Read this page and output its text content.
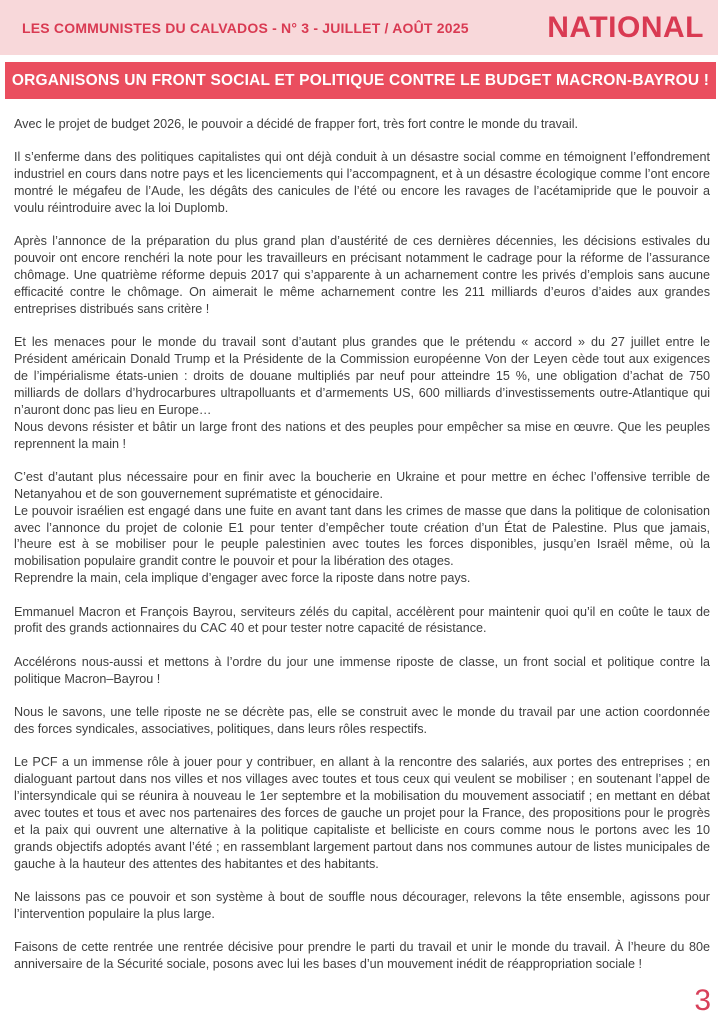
LES COMMUNISTES DU CALVADOS - N° 3 - JUILLET / AOÛT 2025	NATIONAL
ORGANISONS UN FRONT SOCIAL ET POLITIQUE CONTRE LE BUDGET MACRON-BAYROU !

Avec le projet de budget 2026, le pouvoir a décidé de frapper fort, très fort contre le monde du travail.

Il s’enferme dans des politiques capitalistes qui ont déjà conduit à un désastre social comme en témoignent l’effondrement industriel en cours dans notre pays et les licenciements qui l’accompagnent, et à un désastre écologique comme l’ont encore montré le mégafeu de l’Aude, les dégâts des canicules de l’été ou encore les ravages de l’acétamipride que le pouvoir a voulu réintroduire avec la loi Duplomb.

Après l’annonce de la préparation du plus grand plan d’austérité de ces dernières décennies, les décisions estivales du pouvoir ont encore renchéri la note pour les travailleurs en précisant notamment le cadrage pour la réforme de l’assurance chômage. Une quatrième réforme depuis 2017 qui s’apparente à un acharnement contre les privés d’emplois sans aucune efficacité contre le chômage. On aimerait le même acharnement contre les 211 milliards d’euros d’aides aux grandes entreprises distribués sans critère !

Et les menaces pour le monde du travail sont d’autant plus grandes que le prétendu « accord » du 27 juillet entre le Président américain Donald Trump et la Présidente de la Commission européenne Von der Leyen cède tout aux exigences de l’impérialisme états-unien : droits de douane multipliés par neuf pour atteindre 15 %, une obligation d’achat de 750 milliards de dollars d’hydrocarbures ultrapolluants et d’armements US, 600 milliards d’investissements outre-Atlantique qui n’auront donc pas lieu en Europe…
Nous devons résister et bâtir un large front des nations et des peuples pour empêcher sa mise en œuvre. Que les peuples reprennent la main !

C’est d’autant plus nécessaire pour en finir avec la boucherie en Ukraine et pour mettre en échec l’offensive terrible de Netanyahou et de son gouvernement suprématiste et génocidaire.
Le pouvoir israélien est engagé dans une fuite en avant tant dans les crimes de masse que dans la politique de colonisation avec l’annonce du projet de colonie E1 pour tenter d’empêcher toute création d’un État de Palestine. Plus que jamais, l’heure est à se mobiliser pour le peuple palestinien avec toutes les forces disponibles, jusqu’en Israël même, où la mobilisation populaire grandit contre le pouvoir et pour la libération des otages.
Reprendre la main, cela implique d’engager avec force la riposte dans notre pays.

Emmanuel Macron et François Bayrou, serviteurs zélés du capital, accélèrent pour maintenir quoi qu’il en coûte le taux de profit des grands actionnaires du CAC 40 et pour tester notre capacité de résistance.

Accélérons nous-aussi et mettons à l’ordre du jour une immense riposte de classe, un front social et politique contre la politique Macron–Bayrou !

Nous le savons, une telle riposte ne se décrète pas, elle se construit avec le monde du travail par une action coordonnée des forces syndicales, associatives, politiques, dans leurs rôles respectifs.

Le PCF a un immense rôle à jouer pour y contribuer, en allant à la rencontre des salariés, aux portes des entreprises ; en dialoguant partout dans nos villes et nos villages avec toutes et tous ceux qui veulent se mobiliser ; en soutenant l’appel de l’intersyndicale qui se réunira à nouveau le 1er septembre et la mobilisation du mouvement associatif ; en mettant en débat avec toutes et tous et avec nos partenaires des forces de gauche un projet pour la France, des propositions pour le progrès et la paix qui ouvrent une alternative à la politique capitaliste et belliciste en cours comme nous le portons avec les 10 grands objectifs adoptés avant l’été ; en rassemblant largement partout dans nos communes autour de listes municipales de gauche à la hauteur des attentes des habitantes et des habitants.

Ne laissons pas ce pouvoir et son système à bout de souffle nous décourager, relevons la tête ensemble, agissons pour l’intervention populaire la plus large.

Faisons de cette rentrée une rentrée décisive pour prendre le parti du travail et unir le monde du travail. À l’heure du 80e anniversaire de la Sécurité sociale, posons avec lui les bases d’un mouvement inédit de réappropriation sociale !

3
